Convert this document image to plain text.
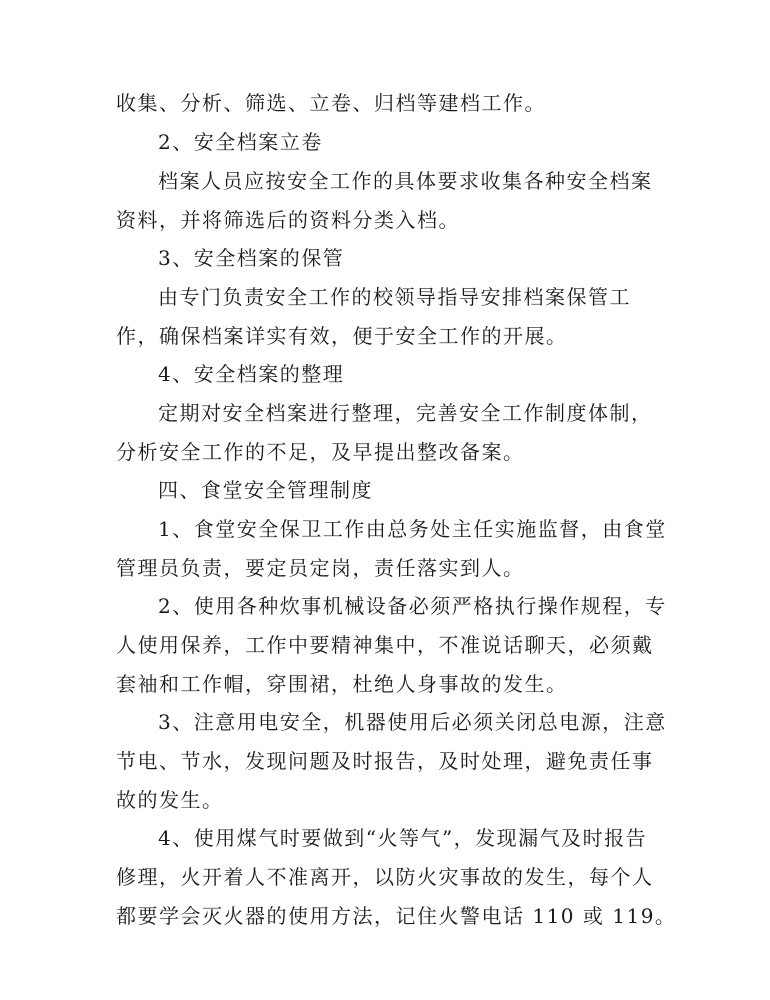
收集、分析、筛选、立卷、归档等建档工作。
2、安全档案立卷
档案人员应按安全工作的具体要求收集各种安全档案
资料，并将筛选后的资料分类入档。
3、安全档案的保管
由专门负责安全工作的校领导指导安排档案保管工
作，确保档案详实有效，便于安全工作的开展。
4、安全档案的整理
定期对安全档案进行整理，完善安全工作制度体制，
分析安全工作的不足，及早提出整改备案。
四、食堂安全管理制度
1、食堂安全保卫工作由总务处主任实施监督，由食堂
管理员负责，要定员定岗，责任落实到人。
2、使用各种炊事机械设备必须严格执行操作规程，专
人使用保养，工作中要精神集中，不准说话聊天，必须戴
套袖和工作帽，穿围裙，杜绝人身事故的发生。
3、注意用电安全，机器使用后必须关闭总电源，注意
节电、节水，发现问题及时报告，及时处理，避免责任事
故的发生。
4、使用煤气时要做到“火等气”，发现漏气及时报告
修理，火开着人不准离开，以防火灾事故的发生，每个人
都要学会灭火器的使用方法，记住火警电话 110 或 119。
